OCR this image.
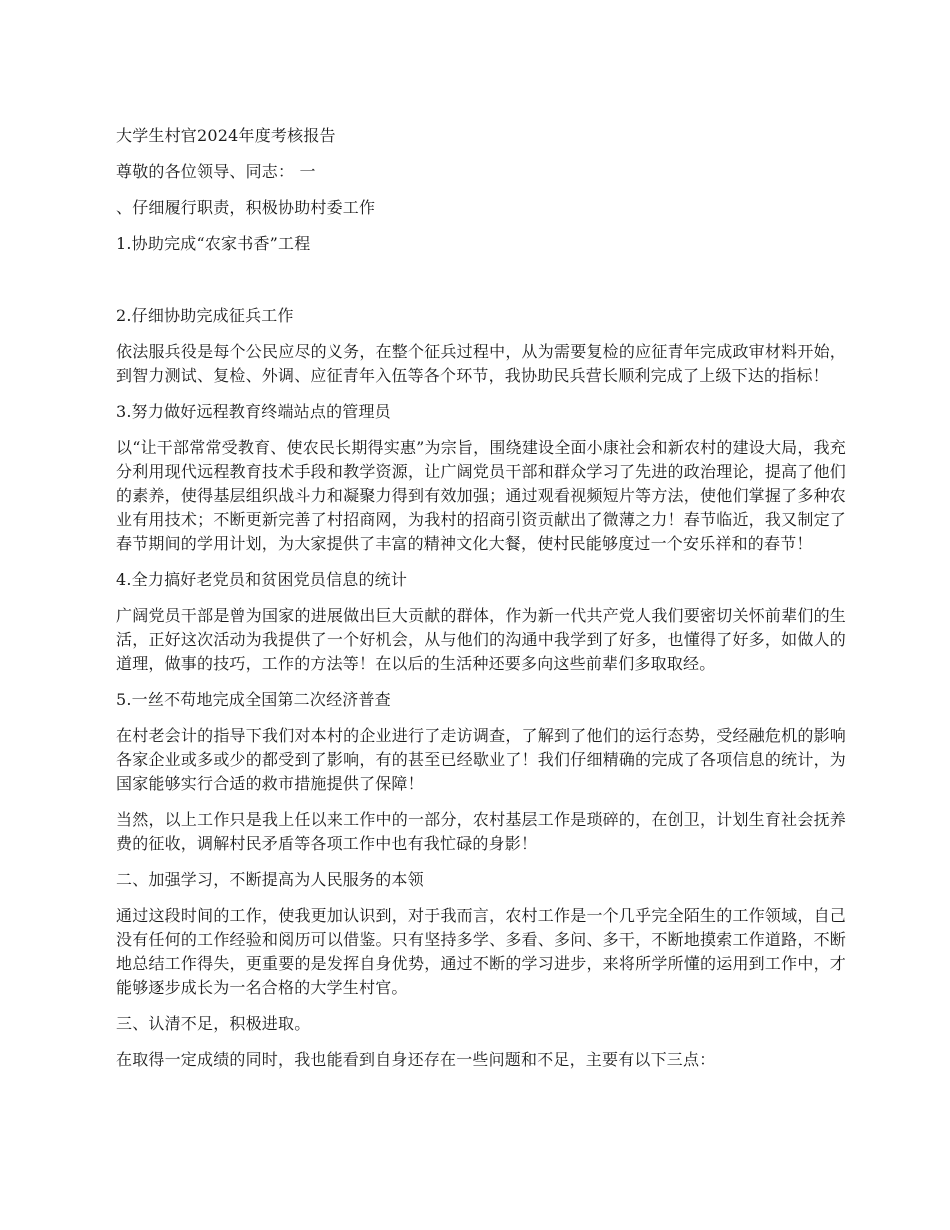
大学生村官2024年度考核报告

尊敬的各位领导、同志： 一

、仔细履行职责，积极协助村委工作

1.协助完成“农家书香”工程

2.仔细协助完成征兵工作

依法服兵役是每个公民应尽的义务，在整个征兵过程中，从为需要复检的应征青年完成政审材料开始，到智力测试、复检、外调、应征青年入伍等各个环节，我协助民兵营长顺利完成了上级下达的指标！

3.努力做好远程教育终端站点的管理员

以“让干部常常受教育、使农民长期得实惠”为宗旨，围绕建设全面小康社会和新农村的建设大局，我充分利用现代远程教育技术手段和教学资源，让广阔党员干部和群众学习了先进的政治理论，提高了他们的素养，使得基层组织战斗力和凝聚力得到有效加强；通过观看视频短片等方法，使他们掌握了多种农业有用技术；不断更新完善了村招商网，为我村的招商引资贡献出了微薄之力！春节临近，我又制定了春节期间的学用计划，为大家提供了丰富的精神文化大餐，使村民能够度过一个安乐祥和的春节！

4.全力搞好老党员和贫困党员信息的统计

广阔党员干部是曾为国家的进展做出巨大贡献的群体，作为新一代共产党人我们要密切关怀前辈们的生活，正好这次活动为我提供了一个好机会，从与他们的沟通中我学到了好多，也懂得了好多，如做人的道理，做事的技巧，工作的方法等！在以后的生活种还要多向这些前辈们多取取经。

5.一丝不苟地完成全国第二次经济普查

在村老会计的指导下我们对本村的企业进行了走访调查，了解到了他们的运行态势，受经融危机的影响各家企业或多或少的都受到了影响，有的甚至已经歇业了！我们仔细精确的完成了各项信息的统计，为国家能够实行合适的救市措施提供了保障！

当然，以上工作只是我上任以来工作中的一部分，农村基层工作是琐碎的，在创卫，计划生育社会抚养费的征收，调解村民矛盾等各项工作中也有我忙碌的身影！

二、加强学习，不断提高为人民服务的本领

通过这段时间的工作，使我更加认识到，对于我而言，农村工作是一个几乎完全陌生的工作领域，自己没有任何的工作经验和阅历可以借鉴。只有坚持多学、多看、多问、多干，不断地摸索工作道路，不断地总结工作得失，更重要的是发挥自身优势，通过不断的学习进步，来将所学所懂的运用到工作中，才能够逐步成长为一名合格的大学生村官。

三、认清不足，积极进取。

在取得一定成绩的同时，我也能看到自身还存在一些问题和不足，主要有以下三点：
